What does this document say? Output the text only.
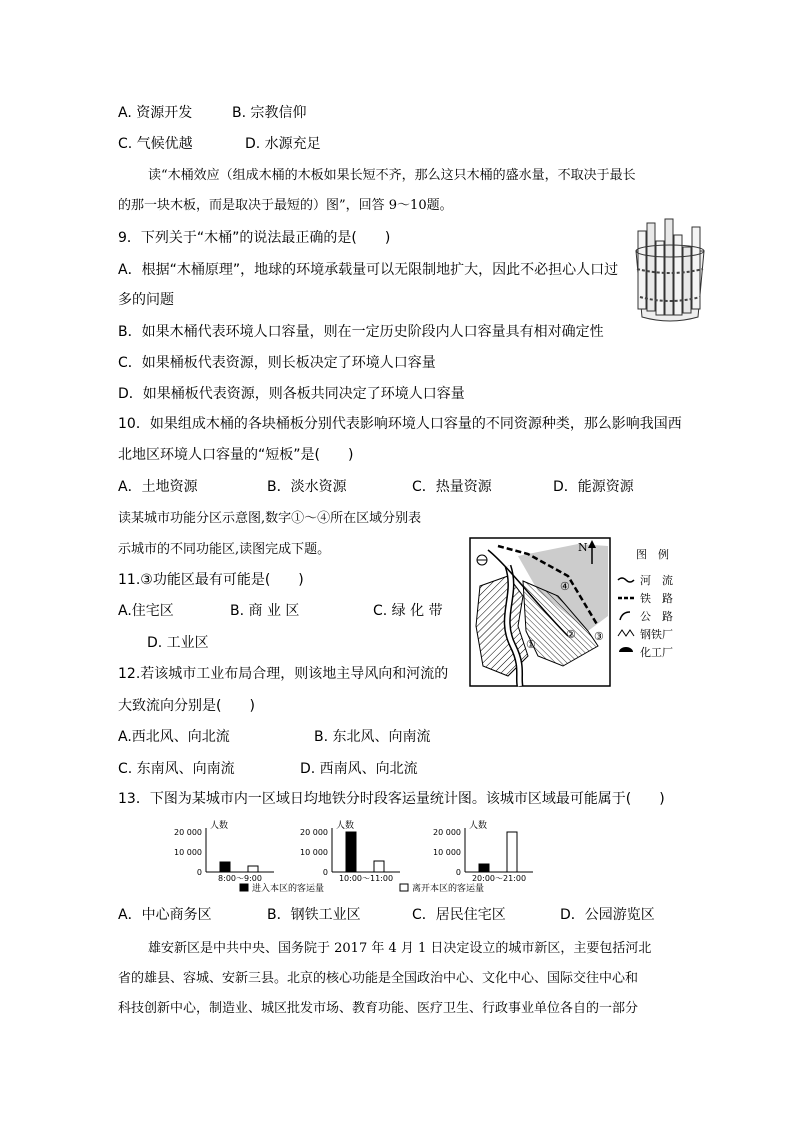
A. 资源开发	B. 宗教信仰
C. 气候优越	D. 水源充足
读“木桶效应（组成木桶的木板如果长短不齐，那么这只木桶的盛水量，不取决于最长
的那一块木板，而是取决于最短的）图”，回答 9～10题。
9．下列关于“木桶”的说法最正确的是(　　)
A．根据“木桶原理”，地球的环境承载量可以无限制地扩大，因此不必担心人口过
多的问题
B．如果木桶代表环境人口容量，则在一定历史阶段内人口容量具有相对确定性
C．如果桶板代表资源，则长板决定了环境人口容量
D．如果桶板代表资源，则各板共同决定了环境人口容量
10．如果组成木桶的各块桶板分别代表影响环境人口容量的不同资源种类，那么影响我国西
北地区环境人口容量的“短板”是(　　)
A．土地资源	B．淡水资源	C．热量资源	D．能源资源
读某城市功能分区示意图,数字①～④所在区域分别表
示城市的不同功能区,读图完成下题。
11.③功能区最有可能是(　　)
A.住宅区	B. 商 业 区	C. 绿 化 带
D. 工业区
12.若该城市工业布局合理，则该地主导风向和河流的
大致流向分别是(　　)
A.西北风、向北流	B. 东北风、向南流
C. 东南风、向南流	D. 西南风、向北流
①
② ③
④
N
图　例
河　流
铁　路
公　路
钢铁厂
化工厂
13．下图为某城市内一区域日均地铁分时段客运量统计图。该城市区域最可能属于(　　)
人数
20 000
10 000
0
8:00～9:00
人数
20 000
10 000
0
10:00～11:00
人数
20 000
10 000
0
20:00～21:00
进入本区的客运量	离开本区的客运量
A．中心商务区	B．钢铁工业区	C．居民住宅区	D．公园游览区
雄安新区是中共中央、国务院于 2017 年 4 月 1 日决定设立的城市新区，主要包括河北
省的雄县、容城、安新三县。北京的核心功能是全国政治中心、文化中心、国际交往中心和
科技创新中心，制造业、城区批发市场、教育功能、医疗卫生、行政事业单位各自的一部分
